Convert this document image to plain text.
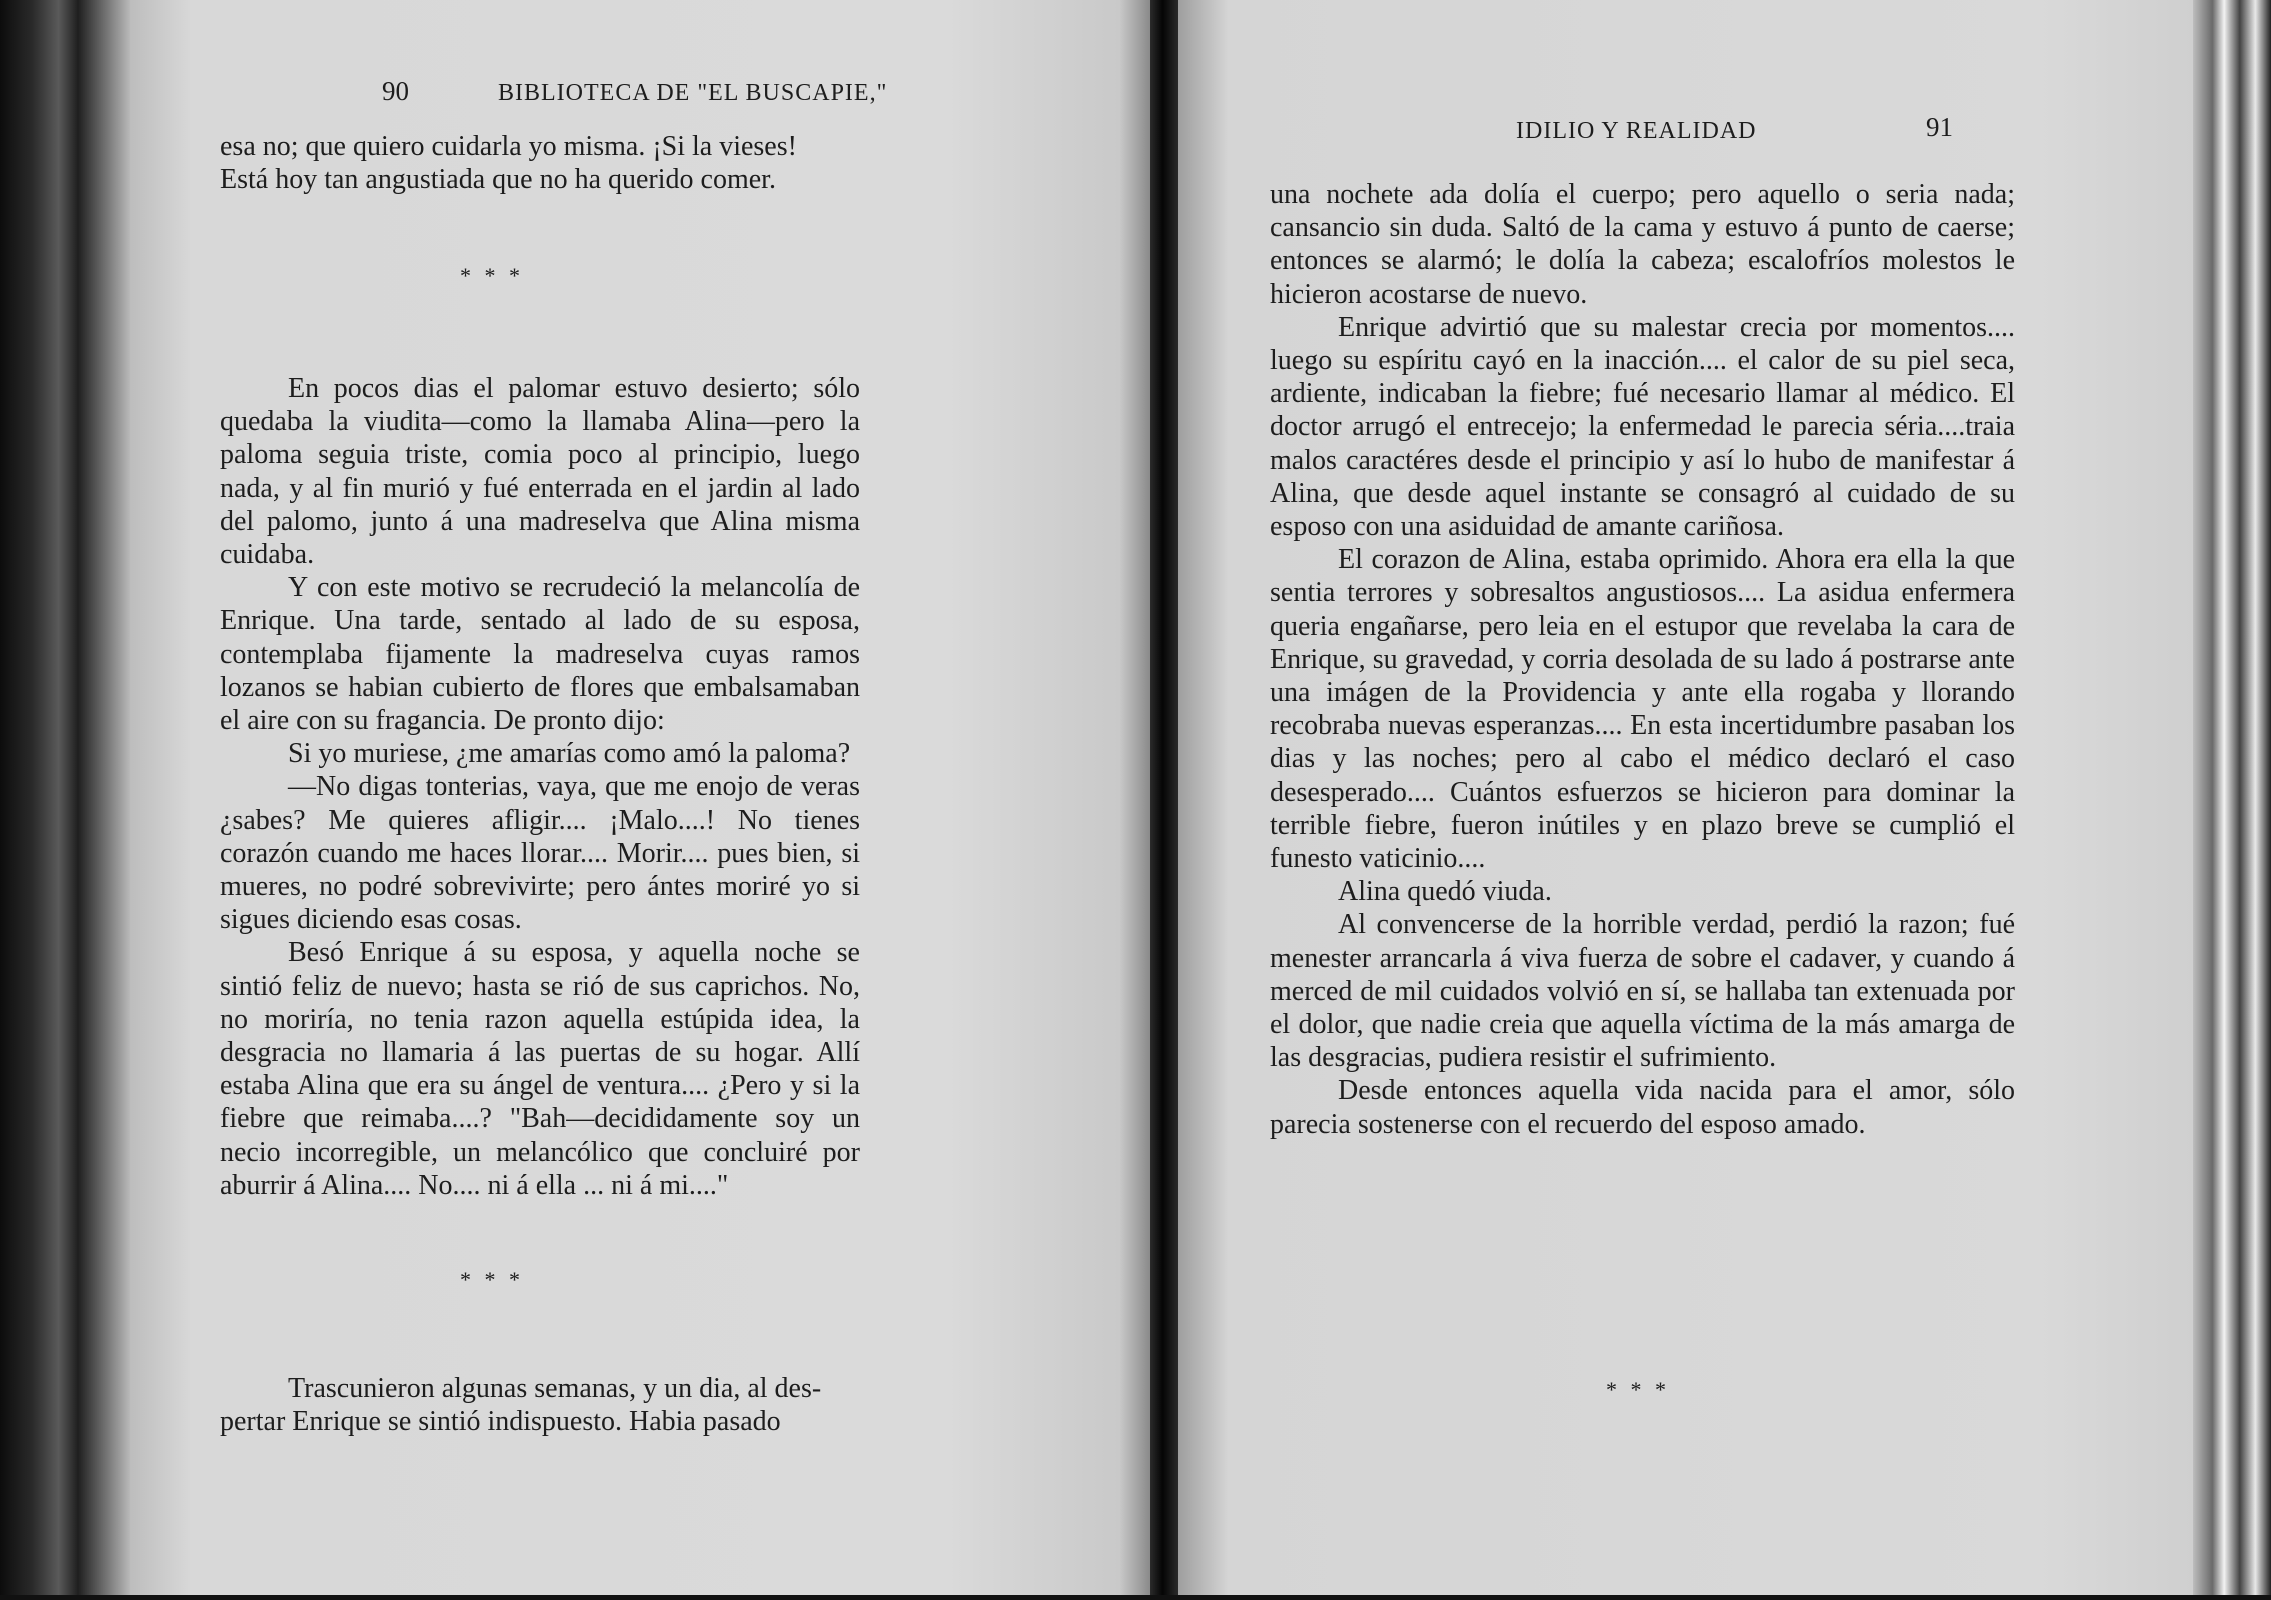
90	BIBLIOTECA DE "EL BUSCAPIE,"

esa no; que quiero cuidarla yo misma. ¡Si la vieses!

Está hoy tan angustiada que no ha querido comer.

* * *

En pocos dias el palomar estuvo desierto; sólo quedaba la viudita—como la llamaba Alina—pero la paloma seguia triste, comia poco al principio, luego nada, y al fin murió y fué enterrada en el jardin al lado del palomo, junto á una madreselva que Alina misma cuidaba.

Y con este motivo se recrudeció la melancolía de Enrique. Una tarde, sentado al lado de su esposa, contemplaba fijamente la madreselva cuyas ramos lozanos se habian cubierto de flores que embalsamaban el aire con su fragancia. De pronto dijo:

Si yo muriese, ¿me amarías como amó la paloma?

—No digas tonterias, vaya, que me enojo de veras ¿sabes? Me quieres afligir.... ¡Malo....! No tienes corazón cuando me haces llorar.... Morir.... pues bien, si mueres, no podré sobrevivirte; pero ántes moriré yo si sigues diciendo esas cosas.

Besó Enrique á su esposa, y aquella noche se sintió feliz de nuevo; hasta se rió de sus caprichos. No, no moriría, no tenia razon aquella estúpida idea, la desgracia no llamaria á las puertas de su hogar. Allí estaba Alina que era su ángel de ventura.... ¿Pero y si la fiebre que reimaba....? "Bah—decididamente soy un necio incorregible, un melancólico que concluiré por aburrir á Alina.... No.... ni á ella ... ni á mi...."

* * *

Trascunieron algunas semanas, y un dia, al des-

pertar Enrique se sintió indispuesto. Habia pasado

IDILIO Y REALIDAD	91

una nochete ada dolía el cuerpo; pero aquello o seria nada; cansancio sin duda. Saltó de la cama y estuvo á punto de caerse; entonces se alarmó; le dolía la cabeza; escalofríos molestos le hicieron acostarse de nuevo.

Enrique advirtió que su malestar crecia por momentos.... luego su espíritu cayó en la inacción.... el calor de su piel seca, ardiente, indicaban la fiebre; fué necesario llamar al médico. El doctor arrugó el entrecejo; la enfermedad le parecia séria....traia malos caractéres desde el principio y así lo hubo de manifestar á Alina, que desde aquel instante se consagró al cuidado de su esposo con una asiduidad de amante cariñosa.

El corazon de Alina, estaba oprimido. Ahora era ella la que sentia terrores y sobresaltos angustiosos.... La asidua enfermera queria engañarse, pero leia en el estupor que revelaba la cara de Enrique, su gravedad, y corria desolada de su lado á postrarse ante una imágen de la Providencia y ante ella rogaba y llorando recobraba nuevas esperanzas.... En esta incertidumbre pasaban los dias y las noches; pero al cabo el médico declaró el caso desesperado.... Cuántos esfuerzos se hicieron para dominar la terrible fiebre, fueron inútiles y en plazo breve se cumplió el funesto vaticinio....

Alina quedó viuda.

Al convencerse de la horrible verdad, perdió la razon; fué menester arrancarla á viva fuerza de sobre el cadaver, y cuando á merced de mil cuidados volvió en sí, se hallaba tan extenuada por el dolor, que nadie creia que aquella víctima de la más amarga de las desgracias, pudiera resistir el sufrimiento.

Desde entonces aquella vida nacida para el amor, sólo parecia sostenerse con el recuerdo del esposo amado.

* * *
